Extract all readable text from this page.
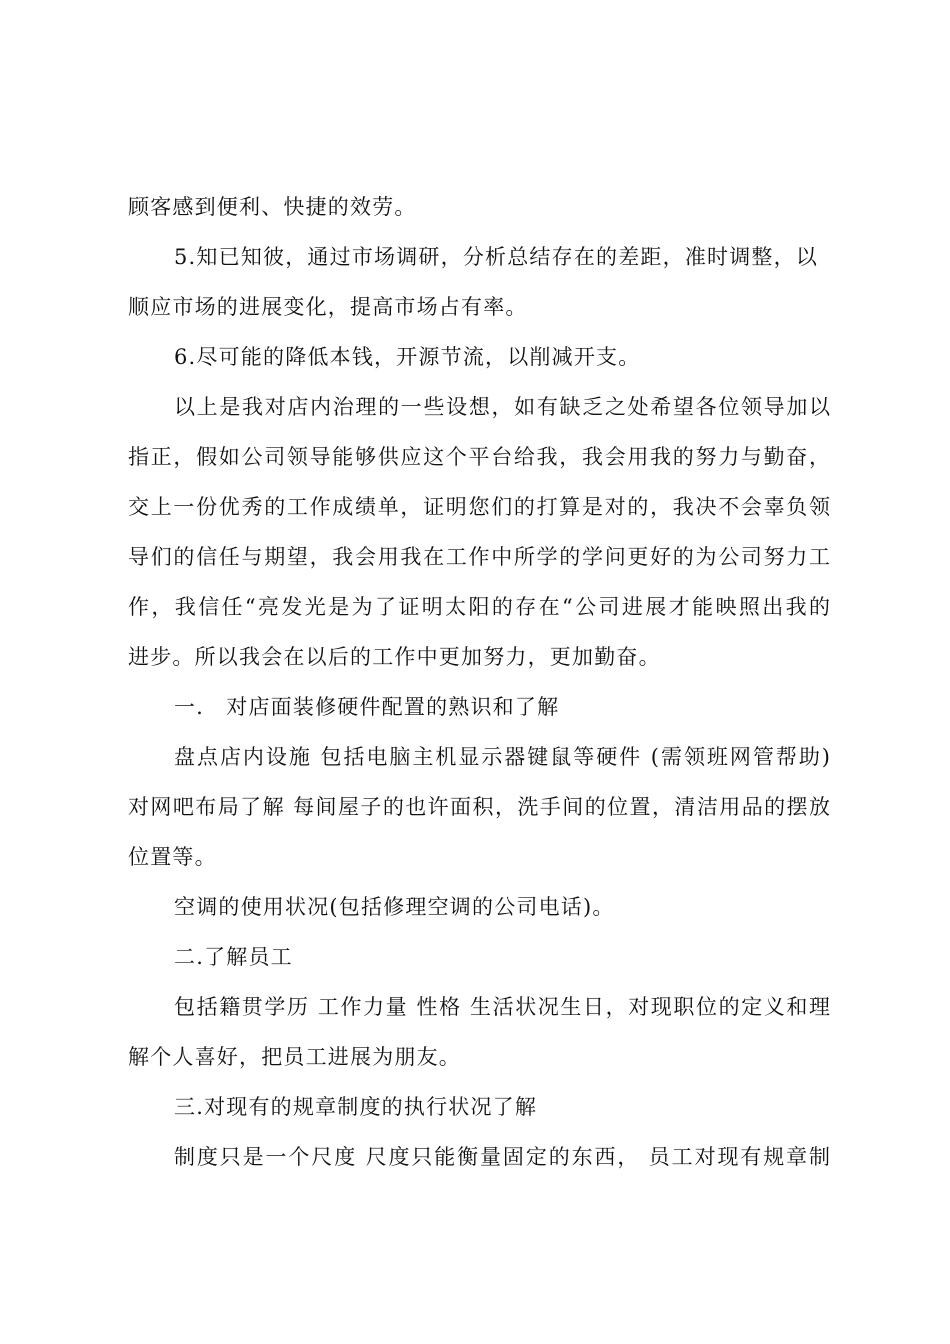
顾客感到便利、快捷的效劳。
5.知已知彼，通过市场调研，分析总结存在的差距，准时调整，以
顺应市场的进展变化，提高市场占有率。
6.尽可能的降低本钱，开源节流，以削减开支。
以上是我对店内治理的一些设想，如有缺乏之处希望各位领导加以
指正，假如公司领导能够供应这个平台给我，我会用我的努力与勤奋，
交上一份优秀的工作成绩单，证明您们的打算是对的，我决不会辜负领
导们的信任与期望，我会用我在工作中所学的学问更好的为公司努力工
作，我信任“亮发光是为了证明太阳的存在“公司进展才能映照出我的
进步。所以我会在以后的工作中更加努力，更加勤奋。
一． 对店面装修硬件配置的熟识和了解
盘点店内设施 包括电脑主机显示器键鼠等硬件 (需领班网管帮助)
对网吧布局了解 每间屋子的也许面积，洗手间的位置，清洁用品的摆放
位置等。
空调的使用状况(包括修理空调的公司电话)。
二.了解员工
包括籍贯学历 工作力量 性格 生活状况生日，对现职位的定义和理
解个人喜好，把员工进展为朋友。
三.对现有的规章制度的执行状况了解
制度只是一个尺度 尺度只能衡量固定的东西， 员工对现有规章制
